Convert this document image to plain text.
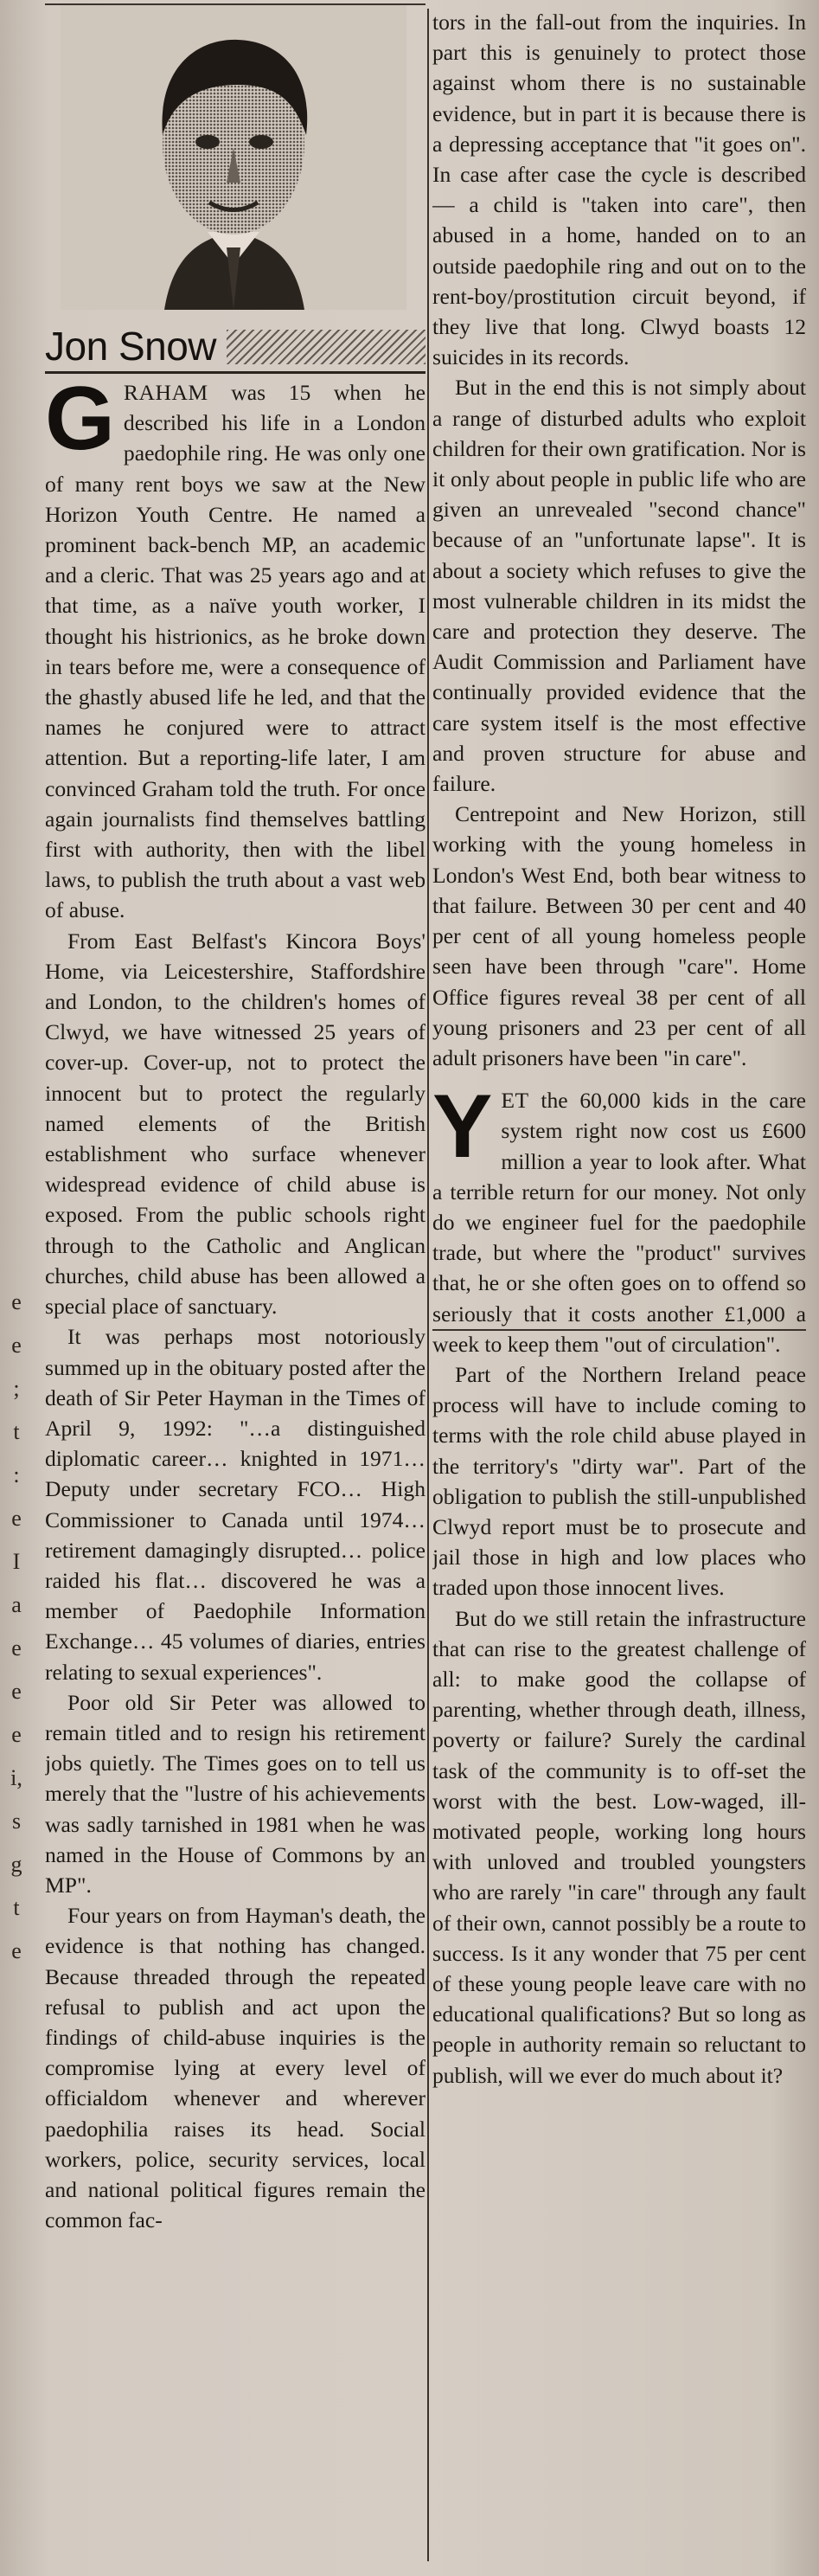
e
e
;
t
:
e
I
a
e
e
e
i,
s
g
t
e
Jon Snow

GRAHAM was 15 when he described his life in a London paedophile ring. He was only one of many rent boys we saw at the New Horizon Youth Centre. He named a prominent back-bench MP, an academic and a cleric. That was 25 years ago and at that time, as a naïve youth worker, I thought his histrionics, as he broke down in tears before me, were a consequence of the ghastly abused life he led, and that the names he conjured were to attract attention. But a reporting-life later, I am convinced Graham told the truth. For once again journalists find themselves battling first with authority, then with the libel laws, to publish the truth about a vast web of abuse.

From East Belfast's Kincora Boys' Home, via Leicestershire, Staffordshire and London, to the children's homes of Clwyd, we have witnessed 25 years of cover-up. Cover-up, not to protect the innocent but to protect the regularly named elements of the British establishment who surface whenever widespread evidence of child abuse is exposed. From the public schools right through to the Catholic and Anglican churches, child abuse has been allowed a special place of sanctuary.

It was perhaps most notoriously summed up in the obituary posted after the death of Sir Peter Hayman in the Times of April 9, 1992: "…a distinguished diplomatic career… knighted in 1971… Deputy under secretary FCO… High Commissioner to Canada until 1974… retirement damagingly disrupted… police raided his flat… discovered he was a member of Paedophile Information Exchange… 45 volumes of diaries, entries relating to sexual experiences".

Poor old Sir Peter was allowed to remain titled and to resign his retirement jobs quietly. The Times goes on to tell us merely that the "lustre of his achievements was sadly tarnished in 1981 when he was named in the House of Commons by an MP".

Four years on from Hayman's death, the evidence is that nothing has changed. Because threaded through the repeated refusal to publish and act upon the findings of child-abuse inquiries is the compromise lying at every level of officialdom whenever and wherever paedophilia raises its head. Social workers, police, security services, local and national political figures remain the common fac-

tors in the fall-out from the inquiries. In part this is genuinely to protect those against whom there is no sustainable evidence, but in part it is because there is a depressing acceptance that "it goes on". In case after case the cycle is described — a child is "taken into care", then abused in a home, handed on to an outside paedophile ring and out on to the rent-boy/prostitution circuit beyond, if they live that long. Clwyd boasts 12 suicides in its records.

But in the end this is not simply about a range of disturbed adults who exploit children for their own gratification. Nor is it only about people in public life who are given an unrevealed "second chance" because of an "unfortunate lapse". It is about a society which refuses to give the most vulnerable children in its midst the care and protection they deserve. The Audit Commission and Parliament have continually provided evidence that the care system itself is the most effective and proven structure for abuse and failure.

Centrepoint and New Horizon, still working with the young homeless in London's West End, both bear witness to that failure. Between 30 per cent and 40 per cent of all young homeless people seen have been through "care". Home Office figures reveal 38 per cent of all young prisoners and 23 per cent of all adult prisoners have been "in care".

YET the 60,000 kids in the care system right now cost us £600 million a year to look after. What a terrible return for our money. Not only do we engineer fuel for the paedophile trade, but where the "product" survives that, he or she often goes on to offend so seriously that it costs another £1,000 a week to keep them "out of circulation".

Part of the Northern Ireland peace process will have to include coming to terms with the role child abuse played in the territory's "dirty war". Part of the obligation to publish the still-unpublished Clwyd report must be to prosecute and jail those in high and low places who traded upon those innocent lives.

But do we still retain the infrastructure that can rise to the greatest challenge of all: to make good the collapse of parenting, whether through death, illness, poverty or failure? Surely the cardinal task of the community is to off-set the worst with the best. Low-waged, ill-motivated people, working long hours with unloved and troubled youngsters who are rarely "in care" through any fault of their own, cannot possibly be a route to success. Is it any wonder that 75 per cent of these young people leave care with no educational qualifications? But so long as people in authority remain so reluctant to publish, will we ever do much about it?
